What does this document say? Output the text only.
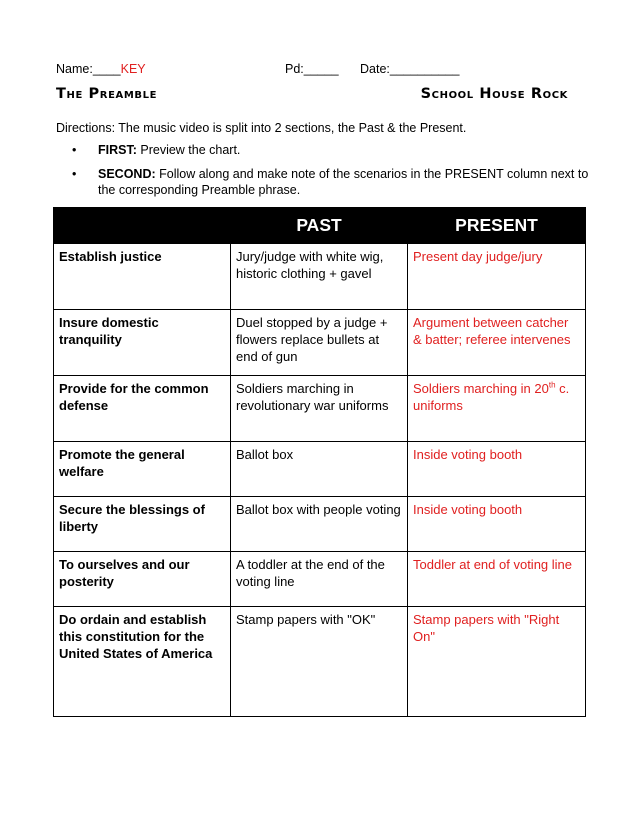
Name:____KEY	Pd:_____ Date:__________
The Preamble	School House Rock
Directions: The music video is split into 2 sections, the Past & the Present.
• FIRST: Preview the chart.
• SECOND: Follow along and make note of the scenarios in the PRESENT column next to the corresponding Preamble phrase.
	PAST	PRESENT
Establish justice	Jury/judge with white wig, historic clothing + gavel	Present day judge/jury
Insure domestic tranquility	Duel stopped by a judge + flowers replace bullets at end of gun	Argument between catcher & batter; referee intervenes
Provide for the common defense	Soldiers marching in revolutionary war uniforms	Soldiers marching in 20th c. uniforms
Promote the general welfare	Ballot box	Inside voting booth
Secure the blessings of liberty	Ballot box with people voting	Inside voting booth
To ourselves and our posterity	A toddler at the end of the voting line	Toddler at end of voting line
Do ordain and establish this constitution for the United States of America	Stamp papers with "OK"	Stamp papers with "Right On"
